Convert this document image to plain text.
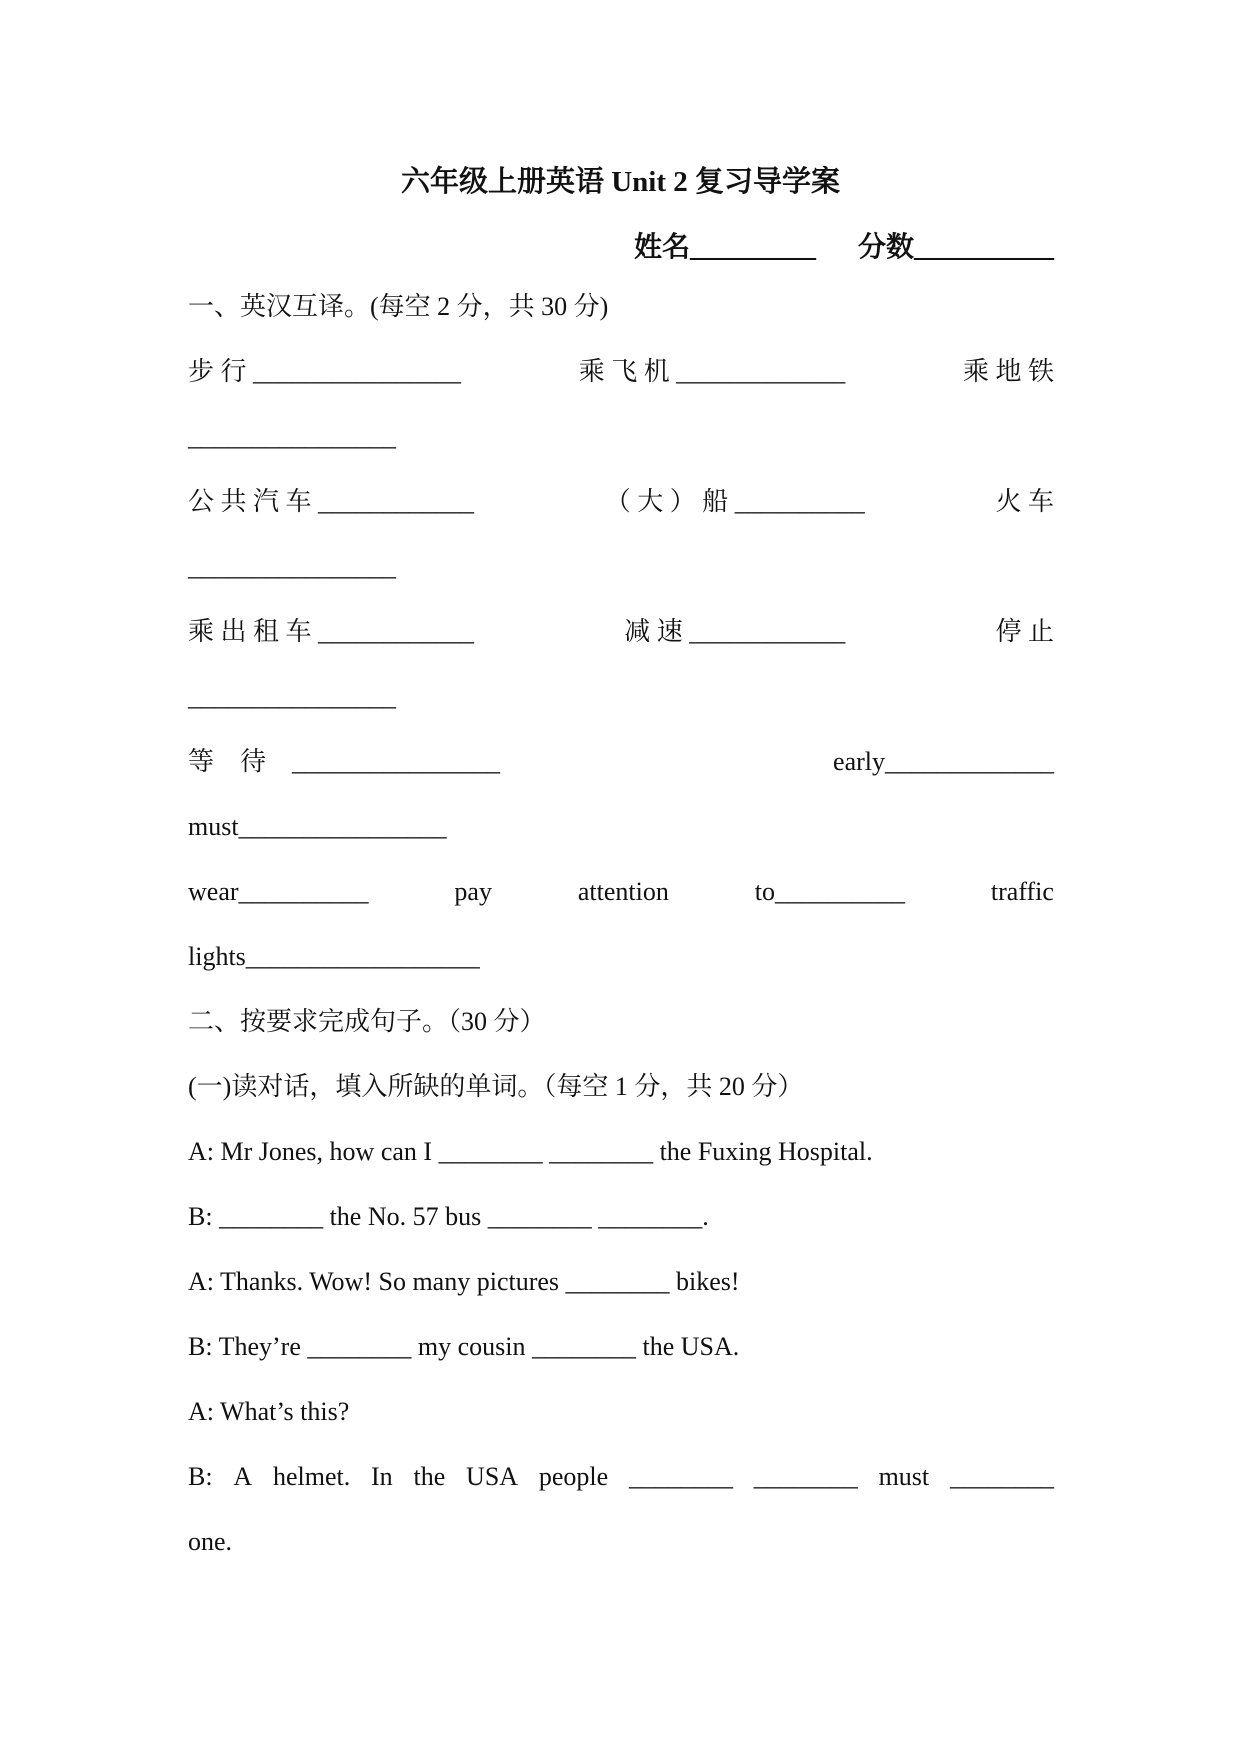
六年级上册英语 Unit 2 复习导学案
姓名_________ 分数__________
一、英汉互译。(每空 2 分，共 30 分)
步 行 ________________	乘 飞 机 _____________	乘 地 铁
________________
公 共 汽 车 ____________	（ 大 ） 船 __________	火 车
________________
乘 出 租 车 ____________	减 速 ____________	停 止
________________
等　待　________________	early_____________
must________________
wear__________	pay	attention	to__________	traffic
lights__________________
二、按要求完成句子。（30 分）
(一)读对话，填入所缺的单词。（每空 1 分，共 20 分）
A: Mr Jones, how can I ________ ________ the Fuxing Hospital.
B: ________ the No. 57 bus ________ ________.
A: Thanks. Wow! So many pictures ________ bikes!
B: They’re ________ my cousin ________ the USA.
A: What’s this?
B: A helmet. In the USA people ________ ________ must ________
one.
